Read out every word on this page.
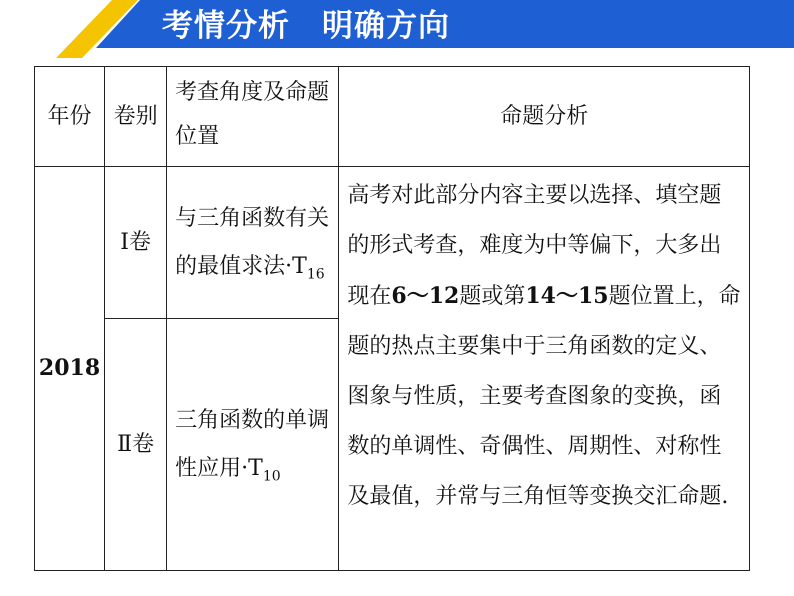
考情分析　明确方向
年份	卷别	考查角度及命题位置	命题分析
2018	Ⅰ卷	与三角函数有关的最值求法$\cdot T_{16}$	高考对此部分内容主要以选择、填空题的形式考查，难度为中等偏下，大多出现在6～12题或第14～15题位置上，命题的热点主要集中于三角函数的定义、图象与性质，主要考查图象的变换，函数的单调性、奇偶性、周期性、对称性及最值，并常与三角恒等变换交汇命题.
	Ⅱ卷	三角函数的单调性应用$\cdot T_{10}$
